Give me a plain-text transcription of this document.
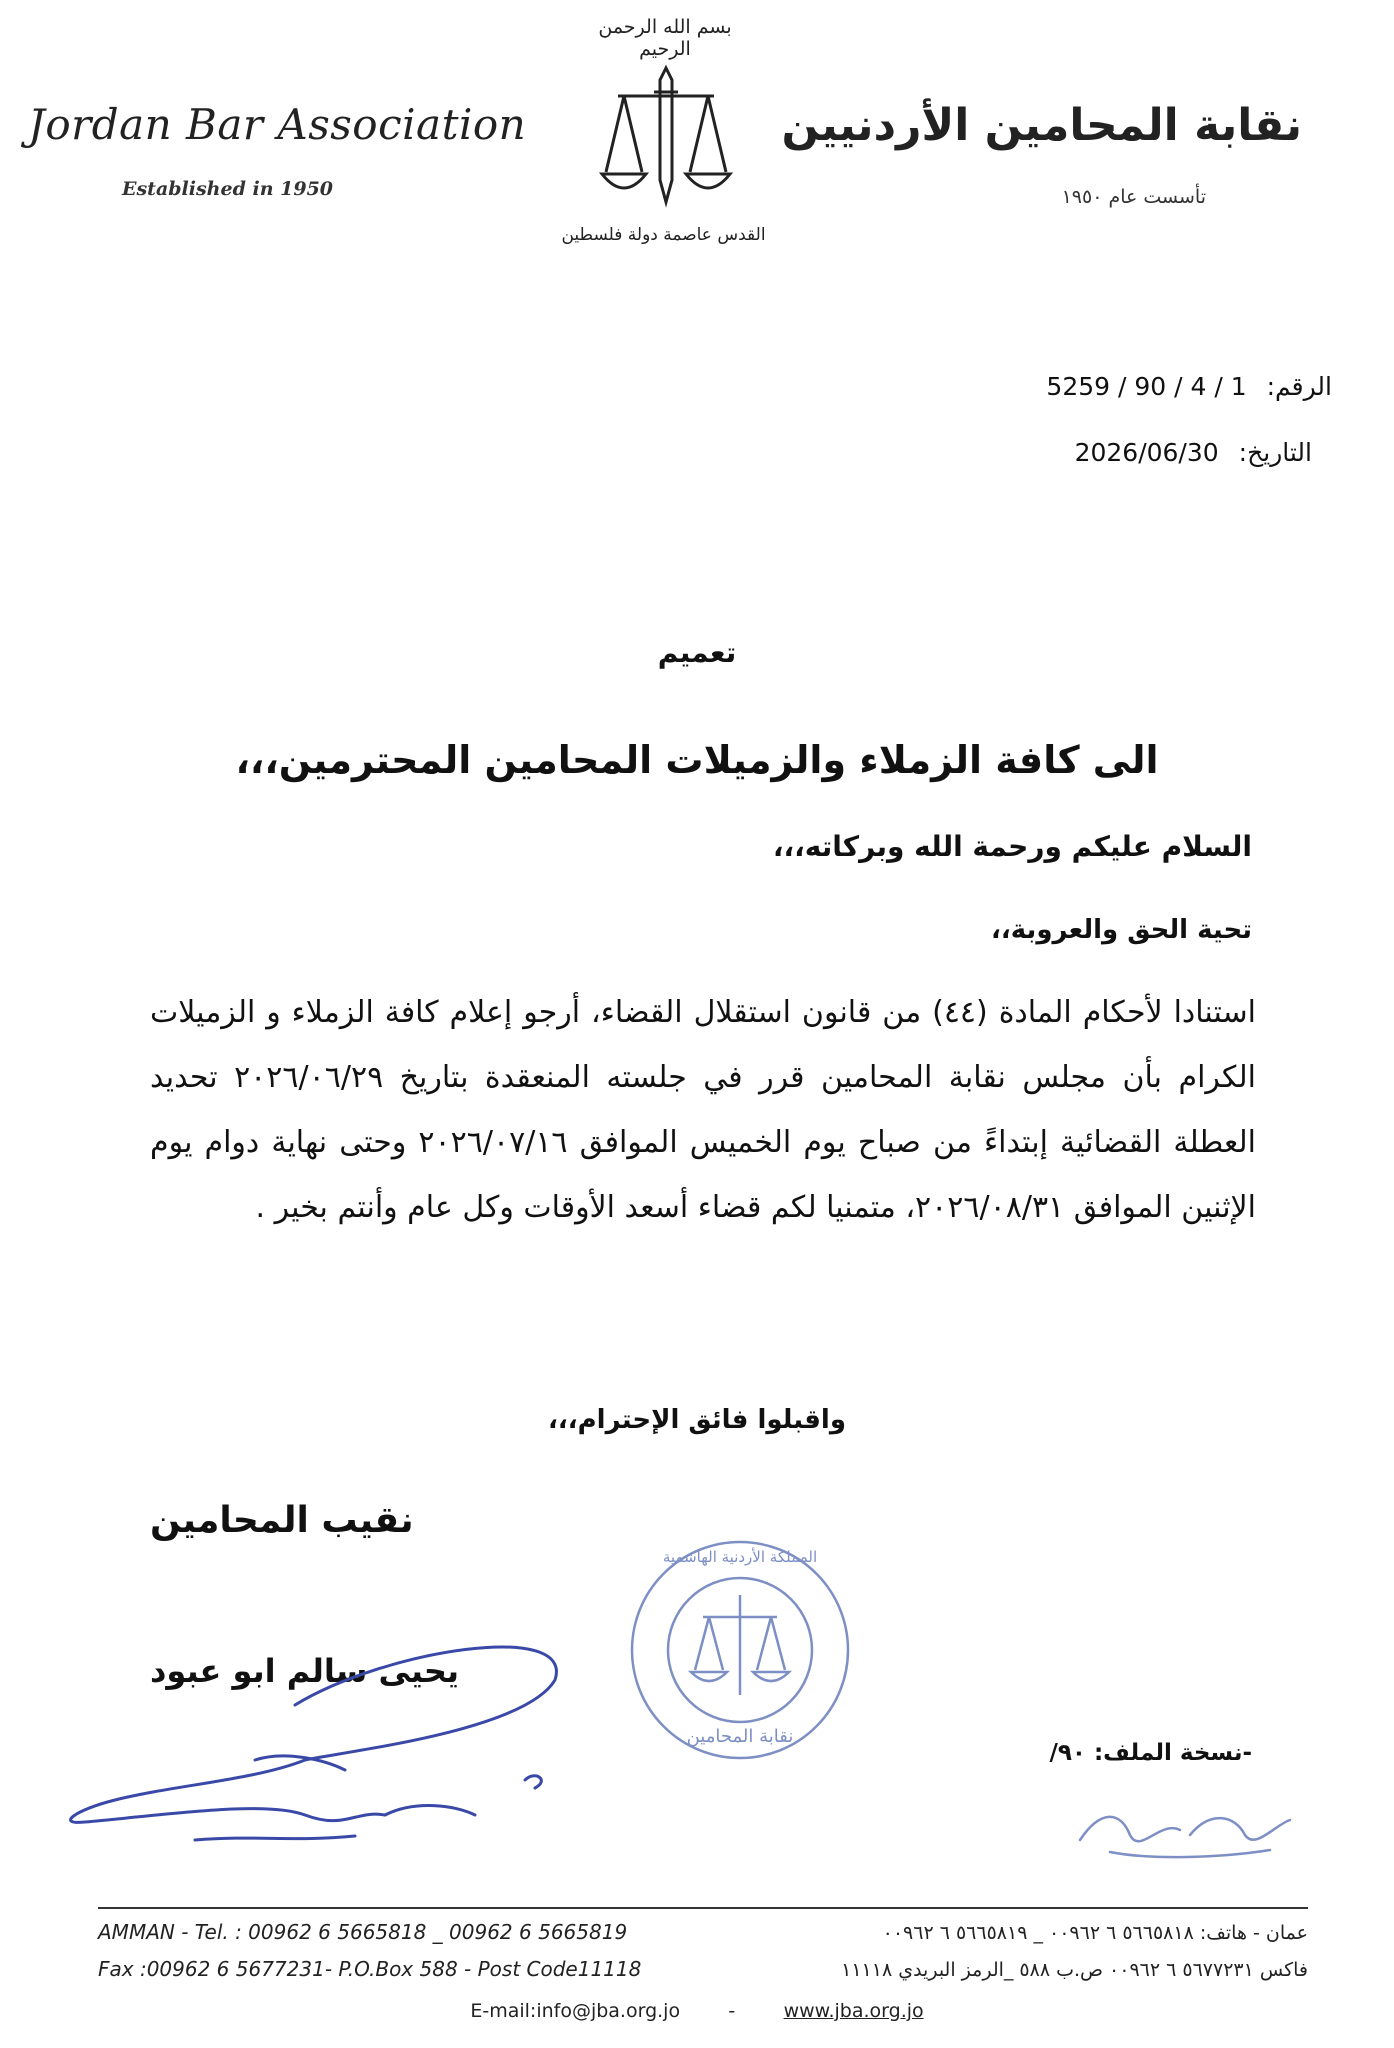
Jordan Bar Association
Established in 1950
بسم الله الرحمن الرحيم
القدس عاصمة دولة فلسطين
نقابة المحامين الأردنيين
تأسست عام ١٩٥٠
الرقم:
5259 / 90 / 4 / 1
التاريخ:
2026/06/30
تعميم
الى كافة الزملاء والزميلات المحامين المحترمين،،،
السلام عليكم ورحمة الله وبركاته،،،
تحية الحق والعروبة،،
استنادا لأحكام المادة (٤٤) من قانون استقلال القضاء، أرجو إعلام كافة الزملاء و الزميلات الكرام بأن مجلس نقابة المحامين قرر في جلسته المنعقدة بتاريخ ٢٠٢٦/٠٦/٢٩ تحديد العطلة القضائية إبتداءً من صباح يوم الخميس الموافق ٢٠٢٦/٠٧/١٦ وحتى نهاية دوام يوم الإثنين الموافق ٢٠٢٦/٠٨/٣١، متمنيا لكم قضاء أسعد الأوقات وكل عام وأنتم بخير .
واقبلوا فائق الإحترام،،،
نقيب المحامين
يحيى سالم ابو عبود
المملكة الأردنية الهاشمية
نقابة المحامين
-نسخة الملف: ٩٠/
AMMAN - Tel. : 00962 6 5665818 _ 00962 6 5665819
Fax :00962 6 5677231- P.O.Box 588 - Post Code11118
عمان - هاتف: ٥٦٦٥٨١٨ ٦ ٠٠٩٦٢ _ ٥٦٦٥٨١٩ ٦ ٠٠٩٦٢
فاكس ٥٦٧٧٢٣١ ٦ ٠٠٩٦٢ ص.ب ٥٨٨ _الرمز البريدي ١١١١٨
E-mail:info@jba.org.jo	-	www.jba.org.jo
